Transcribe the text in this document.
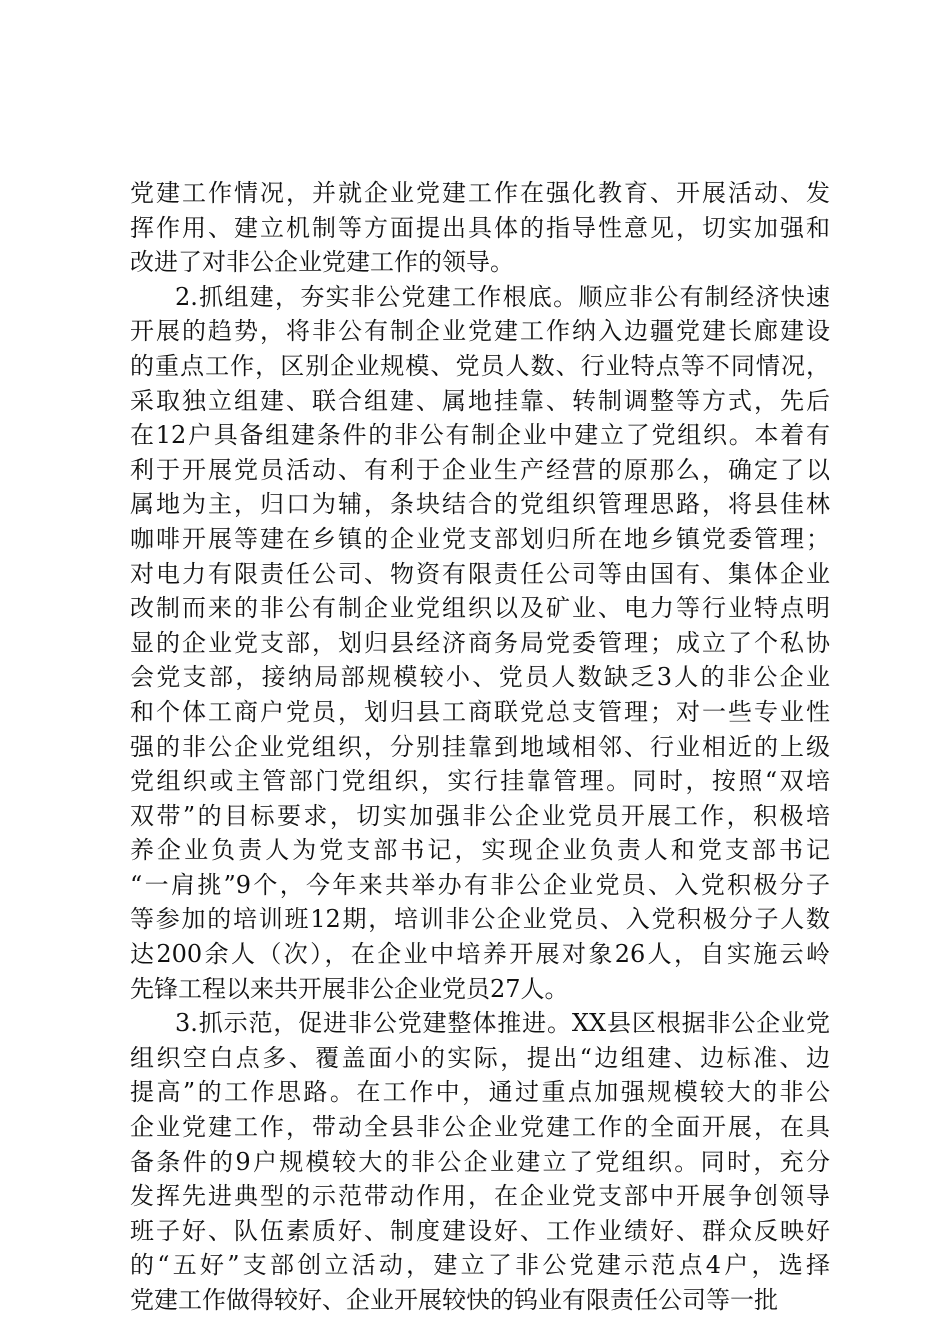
党建工作情况，并就企业党建工作在强化教育、开展活动、发
挥作用、建立机制等方面提出具体的指导性意见，切实加强和
改进了对非公企业党建工作的领导。
2.抓组建，夯实非公党建工作根底。顺应非公有制经济快速
开展的趋势，将非公有制企业党建工作纳入边疆党建长廊建设
的重点工作，区别企业规模、党员人数、行业特点等不同情况，
采取独立组建、联合组建、属地挂靠、转制调整等方式，先后
在12户具备组建条件的非公有制企业中建立了党组织。本着有
利于开展党员活动、有利于企业生产经营的原那么，确定了以
属地为主，归口为辅，条块结合的党组织管理思路，将县佳林
咖啡开展等建在乡镇的企业党支部划归所在地乡镇党委管理；
对电力有限责任公司、物资有限责任公司等由国有、集体企业
改制而来的非公有制企业党组织以及矿业、电力等行业特点明
显的企业党支部，划归县经济商务局党委管理；成立了个私协
会党支部，接纳局部规模较小、党员人数缺乏3人的非公企业
和个体工商户党员，划归县工商联党总支管理；对一些专业性
强的非公企业党组织，分别挂靠到地域相邻、行业相近的上级
党组织或主管部门党组织，实行挂靠管理。同时，按照“双培
双带”的目标要求，切实加强非公企业党员开展工作，积极培
养企业负责人为党支部书记，实现企业负责人和党支部书记
“一肩挑”9个，今年来共举办有非公企业党员、入党积极分子
等参加的培训班12期，培训非公企业党员、入党积极分子人数
达200余人（次），在企业中培养开展对象26人，自实施云岭
先锋工程以来共开展非公企业党员27人。
3.抓示范，促进非公党建整体推进。XX县区根据非公企业党
组织空白点多、覆盖面小的实际，提出“边组建、边标准、边
提高”的工作思路。在工作中，通过重点加强规模较大的非公
企业党建工作，带动全县非公企业党建工作的全面开展，在具
备条件的9户规模较大的非公企业建立了党组织。同时，充分
发挥先进典型的示范带动作用，在企业党支部中开展争创领导
班子好、队伍素质好、制度建设好、工作业绩好、群众反映好
的“五好”支部创立活动，建立了非公党建示范点4户，选择
党建工作做得较好、企业开展较快的钨业有限责任公司等一批
